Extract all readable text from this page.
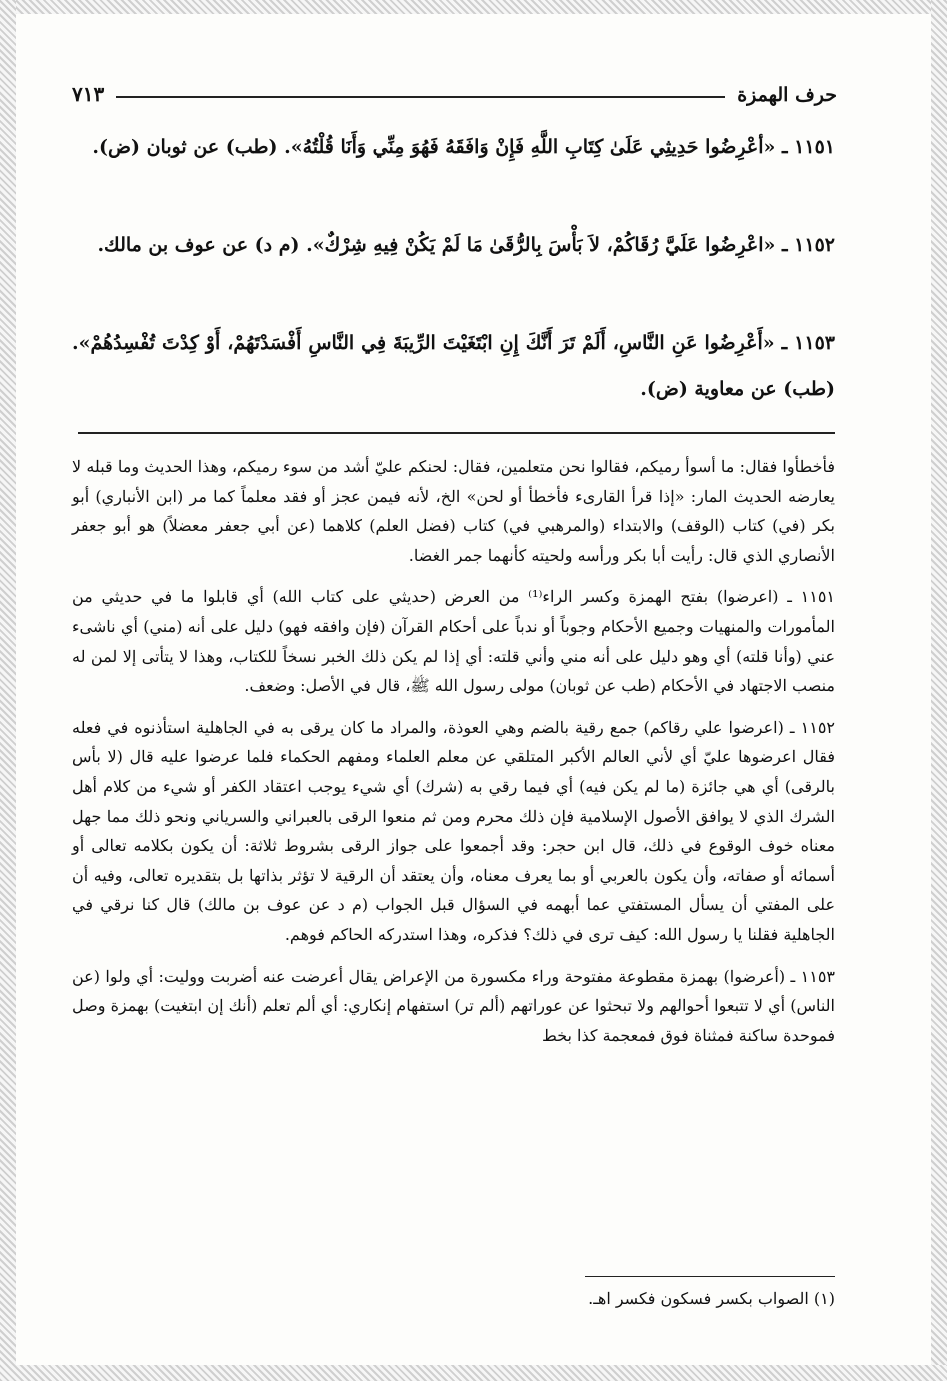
حرف الهمزة
٧١٣
١١٥١ ـ «أعْرِضُوا حَدِيثِي عَلَىٰ كِتَابِ اللَّهِ فَإِنْ وَافَقَهُ فَهُوَ مِنِّي وَأَنَا قُلْتُهُ». (طب) عن ثوبان (ض).
١١٥٢ ـ «اعْرِضُوا عَلَيَّ رُقَاكُمْ، لاَ بَأْسَ بِالرُّقَىٰ مَا لَمْ يَكُنْ فِيهِ شِرْكٌ». (م د) عن عوف بن مالك.
١١٥٣ ـ «أَعْرِضُوا عَنِ النَّاسِ، أَلَمْ تَرَ أَنَّكَ إِنِ ابْتَغَيْتَ الرِّيبَةَ فِي النَّاسِ أَفْسَدْتَهُمْ، أَوْ كِدْتَ تُفْسِدُهُمْ». (طب) عن معاوية (ض).

فأخطأوا فقال: ما أسوأ رميكم، فقالوا نحن متعلمين، فقال: لحنكم عليّ أشد من سوء رميكم، وهذا الحديث وما قبله لا يعارضه الحديث المار: «إذا قرأ القارىء فأخطأ أو لحن» الخ، لأنه فيمن عجز أو فقد معلماً كما مر (ابن الأنباري) أبو بكر (في) كتاب (الوقف) والابتداء (والمرهبي في) كتاب (فضل العلم) كلاهما (عن أبي جعفر معضلاً) هو أبو جعفر الأنصاري الذي قال: رأيت أبا بكر ورأسه ولحيته كأنهما جمر الغضا.

١١٥١ ـ (اعرضوا) بفتح الهمزة وكسر الراء⁽¹⁾ من العرض (حديثي على كتاب الله) أي قابلوا ما في حديثي من المأمورات والمنهيات وجميع الأحكام وجوباً أو ندباً على أحكام القرآن (فإن وافقه فهو) دليل على أنه (مني) أي ناشىء عني (وأنا قلته) أي وهو دليل على أنه مني وأني قلته: أي إذا لم يكن ذلك الخبر نسخاً للكتاب، وهذا لا يتأتى إلا لمن له منصب الاجتهاد في الأحكام (طب عن ثوبان) مولى رسول الله ﷺ، قال في الأصل: وضعف.

١١٥٢ ـ (اعرضوا علي رقاكم) جمع رقية بالضم وهي العوذة، والمراد ما كان يرقى به في الجاهلية استأذنوه في فعله فقال اعرضوها عليّ أي لأني العالم الأكبر المتلقي عن معلم العلماء ومفهم الحكماء فلما عرضوا عليه قال (لا بأس بالرقى) أي هي جائزة (ما لم يكن فيه) أي فيما رقي به (شرك) أي شيء يوجب اعتقاد الكفر أو شيء من كلام أهل الشرك الذي لا يوافق الأصول الإسلامية فإن ذلك محرم ومن ثم منعوا الرقى بالعبراني والسرياني ونحو ذلك مما جهل معناه خوف الوقوع في ذلك، قال ابن حجر: وقد أجمعوا على جواز الرقى بشروط ثلاثة: أن يكون بكلامه تعالى أو أسمائه أو صفاته، وأن يكون بالعربي أو بما يعرف معناه، وأن يعتقد أن الرقية لا تؤثر بذاتها بل بتقديره تعالى، وفيه أن على المفتي أن يسأل المستفتي عما أبهمه في السؤال قبل الجواب (م د عن عوف بن مالك) قال كنا نرقي في الجاهلية فقلنا يا رسول الله: كيف ترى في ذلك؟ فذكره، وهذا استدركه الحاكم فوهم.

١١٥٣ ـ (أعرضوا) بهمزة مقطوعة مفتوحة وراء مكسورة من الإعراض يقال أعرضت عنه أضربت ووليت: أي ولوا (عن الناس) أي لا تتبعوا أحوالهم ولا تبحثوا عن عوراتهم (ألم تر) استفهام إنكاري: أي ألم تعلم (أنك إن ابتغيت) بهمزة وصل فموحدة ساكنة فمثناة فوق فمعجمة كذا بخط

(١) الصواب بكسر فسكون فكسر اهـ.
